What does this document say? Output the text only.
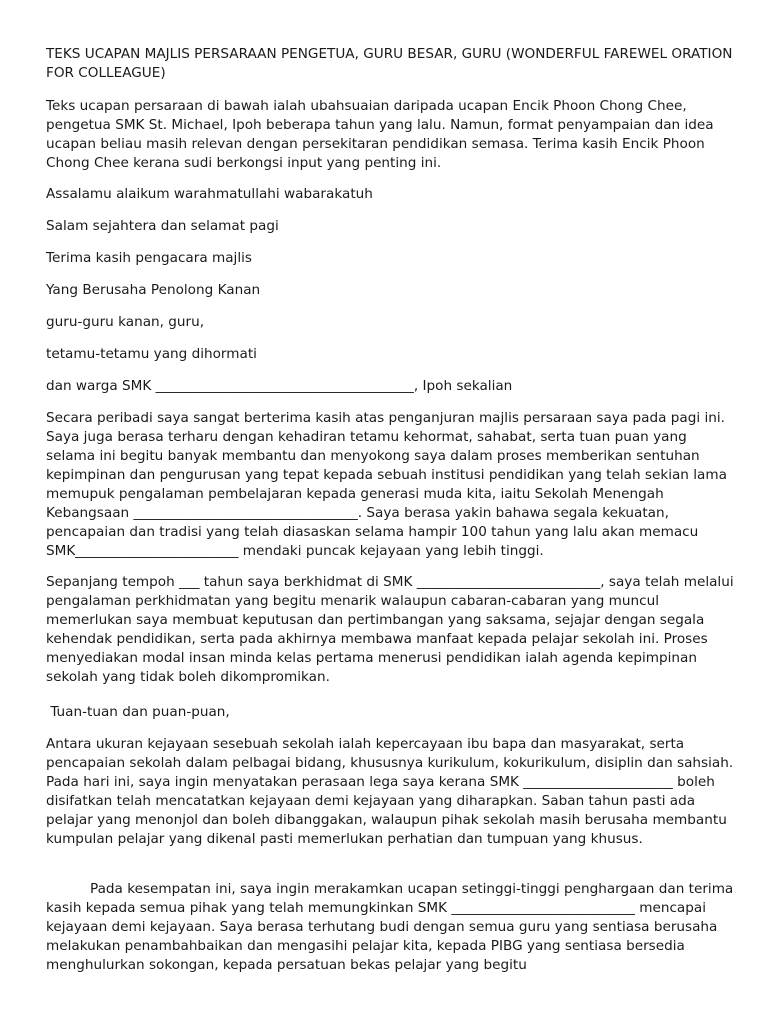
TEKS UCAPAN MAJLIS PERSARAAN PENGETUA, GURU BESAR, GURU (WONDERFUL FAREWEL ORATION FOR COLLEAGUE)

Teks ucapan persaraan di bawah ialah ubahsuaian daripada ucapan Encik Phoon Chong Chee, pengetua SMK St. Michael, Ipoh beberapa tahun yang lalu. Namun, format penyampaian dan idea ucapan beliau masih relevan dengan persekitaran pendidikan semasa. Terima kasih Encik Phoon Chong Chee kerana sudi berkongsi input yang penting ini.

Assalamu alaikum warahmatullahi wabarakatuh

Salam sejahtera dan selamat pagi

Terima kasih pengacara majlis

Yang Berusaha Penolong Kanan

guru-guru kanan, guru,

tetamu-tetamu yang dihormati

dan warga SMK ______________________________________, Ipoh sekalian

Secara peribadi saya sangat berterima kasih atas penganjuran majlis persaraan saya pada pagi ini. Saya juga berasa terharu dengan kehadiran tetamu kehormat, sahabat, serta tuan puan yang selama ini begitu banyak membantu dan menyokong saya dalam proses memberikan sentuhan kepimpinan dan pengurusan yang tepat kepada sebuah institusi pendidikan yang telah sekian lama memupuk pengalaman pembelajaran kepada generasi muda kita, iaitu Sekolah Menengah Kebangsaan _________________________________. Saya berasa yakin bahawa segala kekuatan, pencapaian dan tradisi yang telah diasaskan selama hampir 100 tahun yang lalu akan memacu SMK________________________ mendaki puncak kejayaan yang lebih tinggi.

Sepanjang tempoh ___ tahun saya berkhidmat di SMK ___________________________, saya telah melalui pengalaman perkhidmatan yang begitu menarik walaupun cabaran-cabaran yang muncul memerlukan saya membuat keputusan dan pertimbangan yang saksama, sejajar dengan segala kehendak pendidikan, serta pada akhirnya membawa manfaat kepada pelajar sekolah ini. Proses menyediakan modal insan minda kelas pertama menerusi pendidikan ialah agenda kepimpinan sekolah yang tidak boleh dikompromikan.

Tuan-tuan dan puan-puan,

Antara ukuran kejayaan sesebuah sekolah ialah kepercayaan ibu bapa dan masyarakat, serta pencapaian sekolah dalam pelbagai bidang, khususnya kurikulum, kokurikulum, disiplin dan sahsiah. Pada hari ini, saya ingin menyatakan perasaan lega saya kerana SMK ______________________ boleh disifatkan telah mencatatkan kejayaan demi kejayaan yang diharapkan. Saban tahun pasti ada pelajar yang menonjol dan boleh dibanggakan, walaupun pihak sekolah masih berusaha membantu kumpulan pelajar yang dikenal pasti memerlukan perhatian dan tumpuan yang khusus.

Pada kesempatan ini, saya ingin merakamkan ucapan setinggi-tinggi penghargaan dan terima kasih kepada semua pihak yang telah memungkinkan SMK ___________________________ mencapai kejayaan demi kejayaan. Saya berasa terhutang budi dengan semua guru yang sentiasa berusaha melakukan penambahbaikan dan mengasihi pelajar kita, kepada PIBG yang sentiasa bersedia menghulurkan sokongan, kepada persatuan bekas pelajar yang begitu
